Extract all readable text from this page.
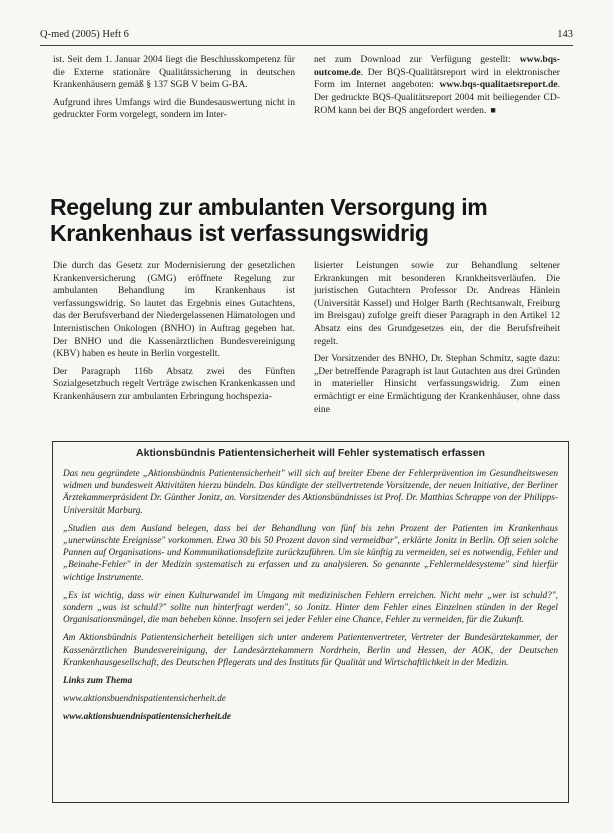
Q-med (2005) Heft 6	143

ist. Seit dem 1. Januar 2004 liegt die Beschlusskompetenz für die Externe stationäre Qualitätssicherung in deutschen Krankenhäusern gemäß § 137 SGB V beim G-BA.

Aufgrund ihres Umfangs wird die Bundesauswertung nicht in gedruckter Form vorgelegt, sondern im Inter-

net zum Download zur Verfügung gestellt: www.bqs-outcome.de. Der BQS-Qualitätsreport wird in elektronischer Form im Internet angeboten: www.bqs-qualitaetsreport.de. Der gedruckte BQS-Qualitätsreport 2004 mit beiliegender CD-ROM kann bei der BQS angefordert werden. ■

Regelung zur ambulanten Versorgung im Krankenhaus ist verfassungswidrig

Die durch das Gesetz zur Modernisierung der gesetzlichen Krankenversicherung (GMG) eröffnete Regelung zur ambulanten Behandlung im Krankenhaus ist verfassungswidrig. So lautet das Ergebnis eines Gutachtens, das der Berufsverband der Niedergelassenen Hämatologen und Internistischen Onkologen (BNHO) in Auftrag gegeben hat. Der BNHO und die Kassenärztlichen Bundesvereinigung (KBV) haben es heute in Berlin vorgestellt.

Der Paragraph 116b Absatz zwei des Fünften Sozialgesetzbuch regelt Verträge zwischen Krankenkassen und Krankenhäusern zur ambulanten Erbringung hochspezia-

lisierter Leistungen sowie zur Behandlung seltener Erkrankungen mit besonderen Krankheitsverläufen. Die juristischen Gutachtern Professor Dr. Andreas Hänlein (Universität Kassel) und Holger Barth (Rechtsanwalt, Freiburg im Breisgau) zufolge greift dieser Paragraph in den Artikel 12 Absatz eins des Grundgesetzes ein, der die Berufsfreiheit regelt.

Der Vorsitzender des BNHO, Dr. Stephan Schmitz, sagte dazu: „Der betreffende Paragraph ist laut Gutachten aus drei Gründen in materieller Hinsicht verfassungswidrig. Zum einen ermächtigt er eine Ermächtigung der Krankenhäuser, ohne dass eine

Aktionsbündnis Patientensicherheit will Fehler systematisch erfassen

Das neu gegründete „Aktionsbündnis Patientensicherheit" will sich auf breiter Ebene der Fehlerprävention im Gesundheitswesen widmen und bundesweit Aktivitäten hierzu bündeln. Das kündigte der stellvertretende Vorsitzende, der neuen Initiative, der Berliner Ärztekammerpräsident Dr. Günther Jonitz, an. Vorsitzender des Aktionsbündnisses ist Prof. Dr. Matthias Schrappe von der Philipps-Universität Marburg.

„Studien aus dem Ausland belegen, dass bei der Behandlung von fünf bis zehn Prozent der Patienten im Krankenhaus „unerwünschte Ereignisse" vorkommen. Etwa 30 bis 50 Prozent davon sind vermeidbar", erklärte Jonitz in Berlin. Oft seien solche Pannen auf Organisations- und Kommunikationsdefizite zurückzuführen. Um sie künftig zu vermeiden, sei es notwendig, Fehler und „Beinahe-Fehler" in der Medizin systematisch zu erfassen und zu analysieren. So genannte „Fehlermeldesysteme" sind hierfür wichtige Instrumente.

„Es ist wichtig, dass wir einen Kulturwandel im Umgang mit medizinischen Fehlern erreichen. Nicht mehr „wer ist schuld?", sondern „was ist schuld?" sollte nun hinterfragt werden", so Jonitz. Hinter dem Fehler eines Einzelnen stünden in der Regel Organisationsmängel, die man beheben könne. Insofern sei jeder Fehler eine Chance, Fehler zu vermeiden, für die Zukunft.

Am Aktionsbündnis Patientensicherheit beteiligen sich unter anderem Patientenvertreter, Vertreter der Bundesärztekammer, der Kassenärztlichen Bundesvereinigung, der Landesärztekammern Nordrhein, Berlin und Hessen, der AOK, der Deutschen Krankenhausgesellschaft, des Deutschen Pflegerats und des Instituts für Qualität und Wirtschaftlichkeit in der Medizin.

Links zum Thema

www.aktionsbuendnispatientensicherheit.de

www.aktionsbuendnispatientensicherheit.de
